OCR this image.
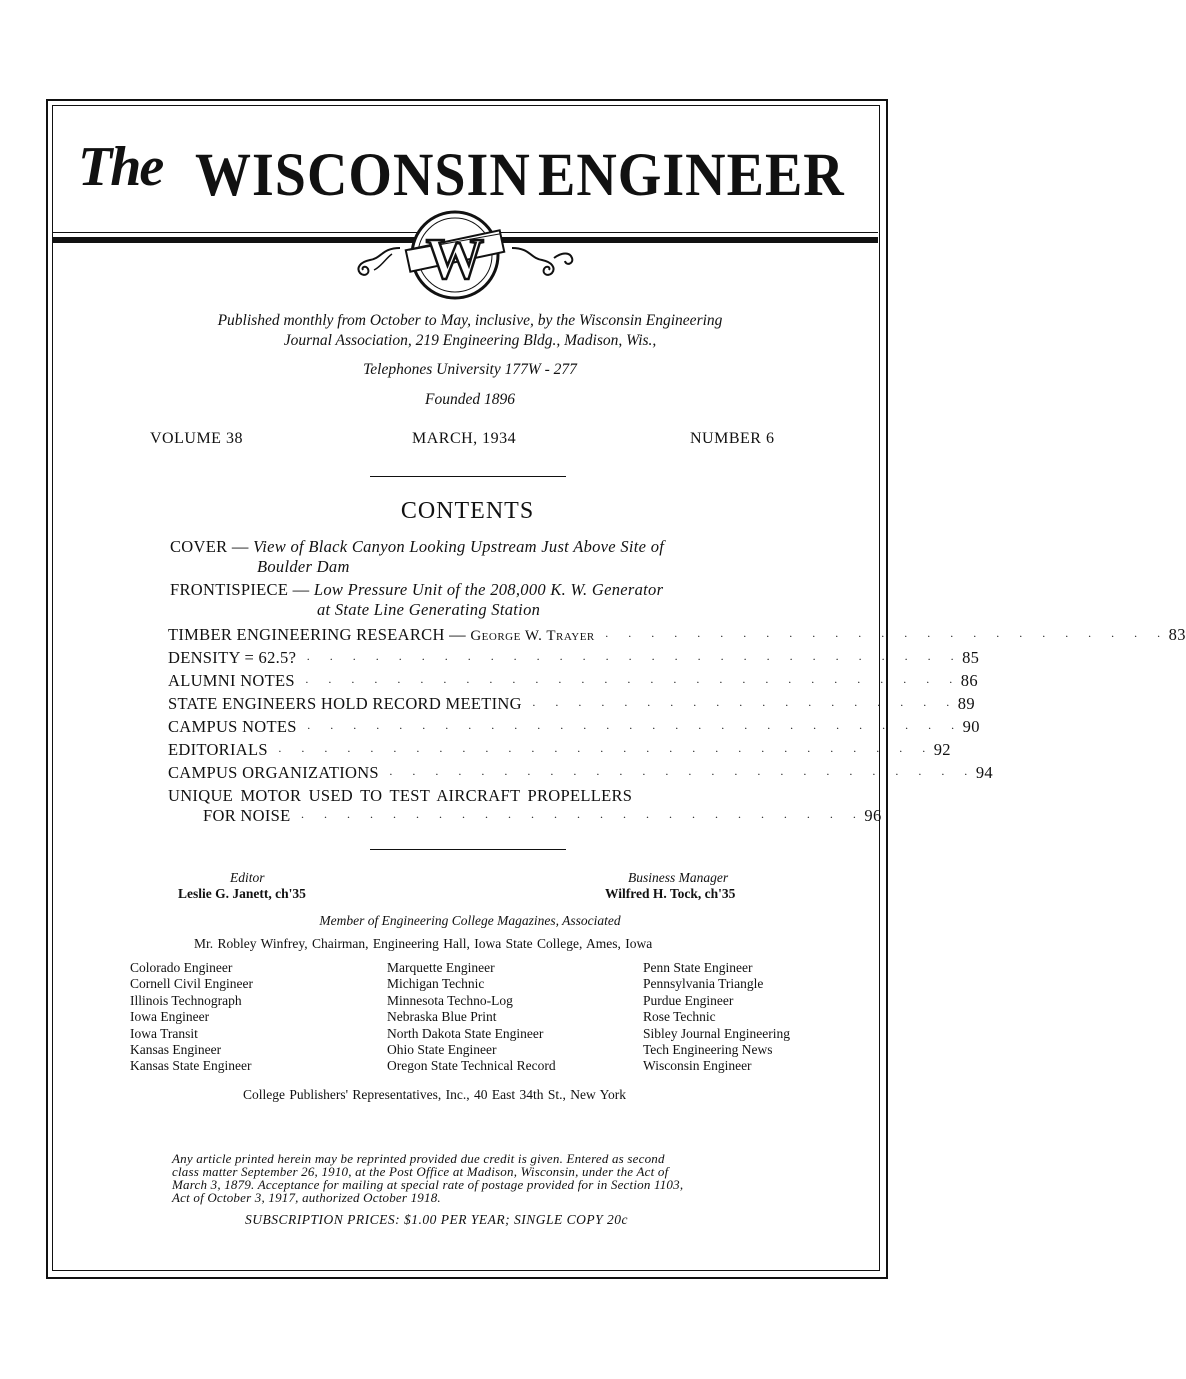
The WISCONSIN ENGINEER
W
Published monthly from October to May, inclusive, by the Wisconsin Engineering
Journal Association, 219 Engineering Bldg., Madison, Wis.,
Telephones University 177W - 277
Founded 1896
VOLUME 38	MARCH, 1934	NUMBER 6
CONTENTS
COVER — View of Black Canyon Looking Upstream Just Above Site of
Boulder Dam
FRONTISPIECE — Low Pressure Unit of the 208,000 K. W. Generator
at State Line Generating Station
TIMBER ENGINEERING RESEARCH — George W. Trayer · · · · · · · · · · · · · · · · · · · · · · · · · 83
DENSITY = 62.5? · · · · · · · · · · · · · · · · · · · · · · · · · · · · · 85
ALUMNI NOTES · · · · · · · · · · · · · · · · · · · · · · · · · · · · · 86
STATE ENGINEERS HOLD RECORD MEETING · · · · · · · · · · · · · · · · · · · 89
CAMPUS NOTES · · · · · · · · · · · · · · · · · · · · · · · · · · · · · 90
EDITORIALS · · · · · · · · · · · · · · · · · · · · · · · · · · · · · 92
CAMPUS ORGANIZATIONS · · · · · · · · · · · · · · · · · · · · · · · · · · 94
UNIQUE MOTOR USED TO TEST AIRCRAFT PROPELLERS
FOR NOISE · · · · · · · · · · · · · · · · · · · · · · · · · 96
Editor
Leslie G. Janett, ch'35
Business Manager
Wilfred H. Tock, ch'35
Member of Engineering College Magazines, Associated
Mr. Robley Winfrey, Chairman, Engineering Hall, Iowa State College, Ames, Iowa
Colorado Engineer
Cornell Civil Engineer
Illinois Technograph
Iowa Engineer
Iowa Transit
Kansas Engineer
Kansas State Engineer
Marquette Engineer
Michigan Technic
Minnesota Techno-Log
Nebraska Blue Print
North Dakota State Engineer
Ohio State Engineer
Oregon State Technical Record
Penn State Engineer
Pennsylvania Triangle
Purdue Engineer
Rose Technic
Sibley Journal Engineering
Tech Engineering News
Wisconsin Engineer
College Publishers' Representatives, Inc., 40 East 34th St., New York
Any article printed herein may be reprinted provided due credit is given. Entered as second
class matter September 26, 1910, at the Post Office at Madison, Wisconsin, under the Act of
March 3, 1879. Acceptance for mailing at special rate of postage provided for in Section 1103,
Act of October 3, 1917, authorized October 1918.
SUBSCRIPTION PRICES: $1.00 PER YEAR; SINGLE COPY 20c
